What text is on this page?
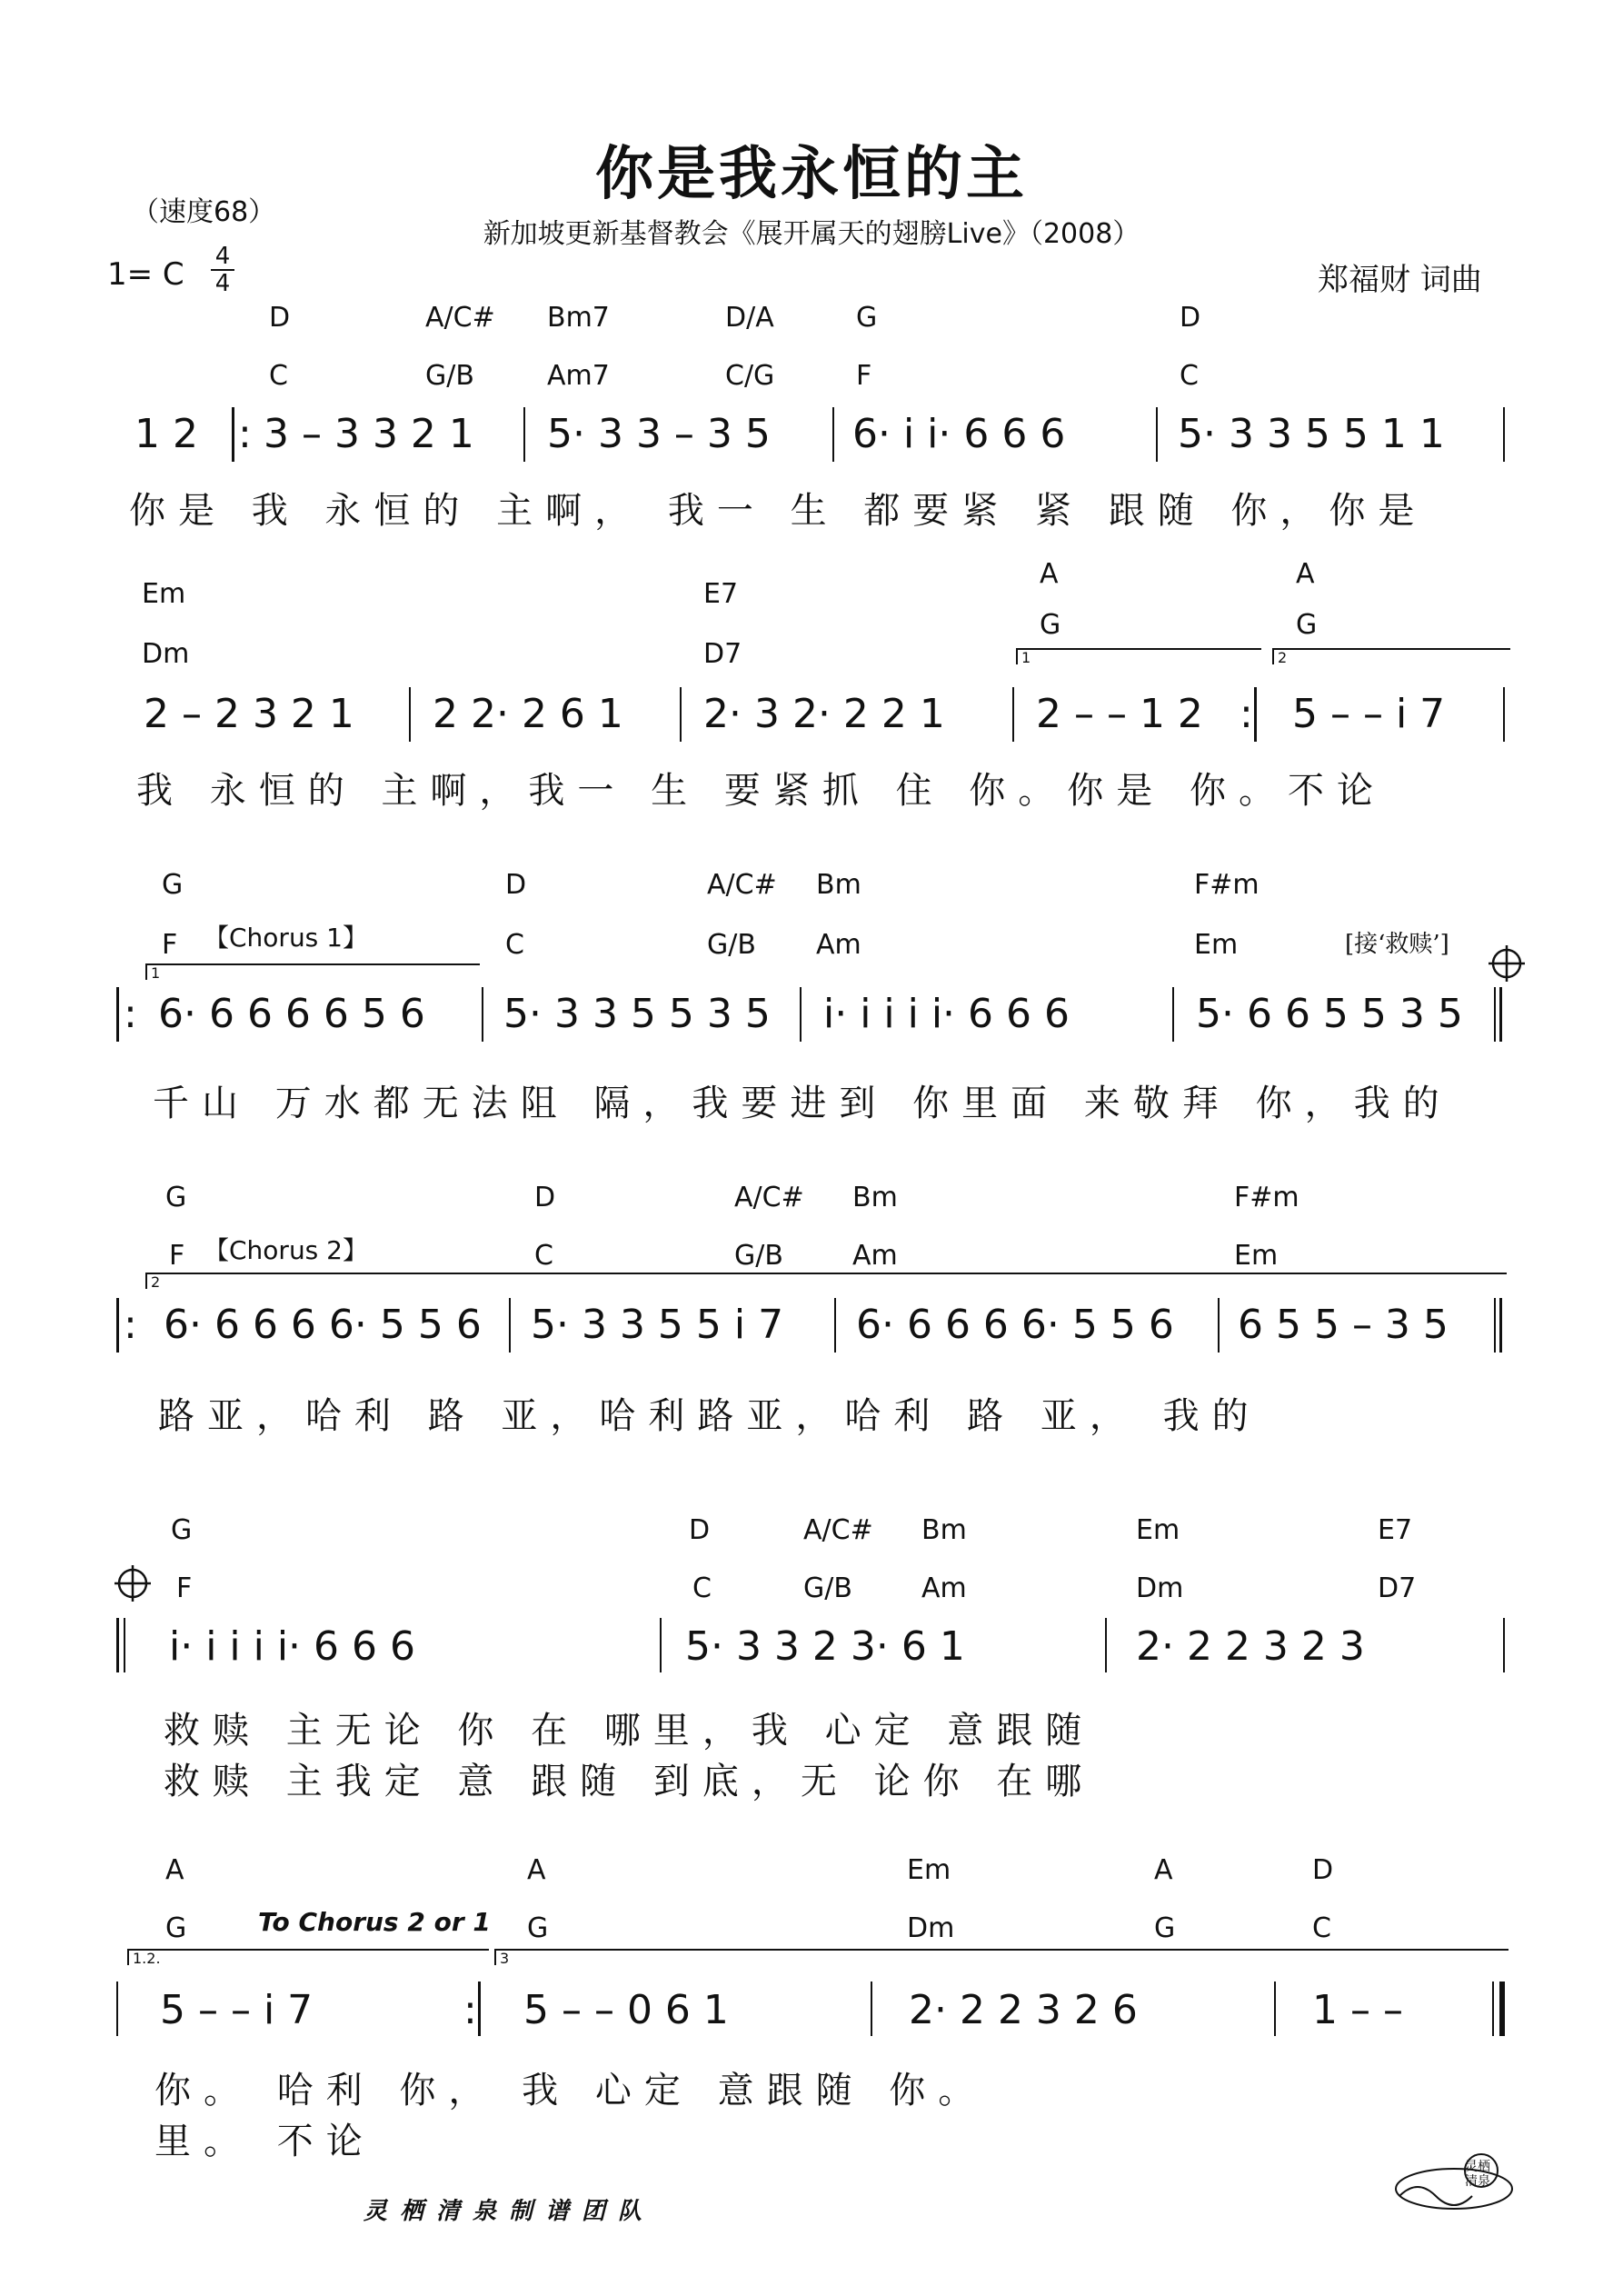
你是我永恒的主
新加坡更新基督教会《展开属天的翅膀Live》（2008）
（速度68）
1= C 4
4	郑福财 词曲
D	A/C# Bm7	D/A	G	D
C	G/B	Am7	C/G	F	C
1 2 : 3 – 3 3 2 1 5· 3 3 – 3 5 6· i i· 6 6 6	5· 3 3 5 5 1 1
你是 我 永恒的 主啊， 我一 生 都要紧 紧 跟随 你，你是
Em	E7
A	A
Dm	D7
G	G
1	2
2 – 2 3 2 1 2 2· 2 6 1 2· 3 2· 2 2 1 2 – – 1 2 : 5 – – i 7
我 永恒的 主啊，我一 生 要紧抓 住 你。你是 你。不论
G	D	A/C# Bm	F#m
F	C	G/B Am	Em
【Chorus 1】	[接‘救赎’]
1
: 6· 6 6 6 6 5 6 5· 3 3 5 5 3 5 i· i i i i· 6 6 6	5· 6 6 5 5 3 5
千山 万水都无法阻 隔，我要进到 你里面 来敬拜 你，我的
G	D	A/C# Bm	F#m
F	C	G/B	Am	Em
【Chorus 2】
2
: 6· 6 6 6 6· 5 5 6 5· 3 3 5 5 i 7 6· 6 6 6 6· 5 5 6 6 5 5 – 3 5
路亚，哈利 路 亚，哈利路亚，哈利 路 亚， 我的
G	D	A/C# Bm	Em	E7
F	C	G/B	Am	Dm	D7
i· i i i i· 6 6 6	5· 3 3 2 3· 6 1	2· 2 2 3 2 3
救赎 主无论 你 在 哪里，我 心定 意跟随
救赎 主我定 意 跟随 到底，无 论你 在哪
A	A	Em	A	D
G	G	Dm	G	C
To Chorus 2 or 1
1.2.	3
5 – – i 7	: 5 – – 0 6 1	2· 2 2 3 2 6	1 – –
你。 哈利 你， 我 心定 意跟随 你。
里。 不论
灵栖清泉制谱团队
灵栖清泉
